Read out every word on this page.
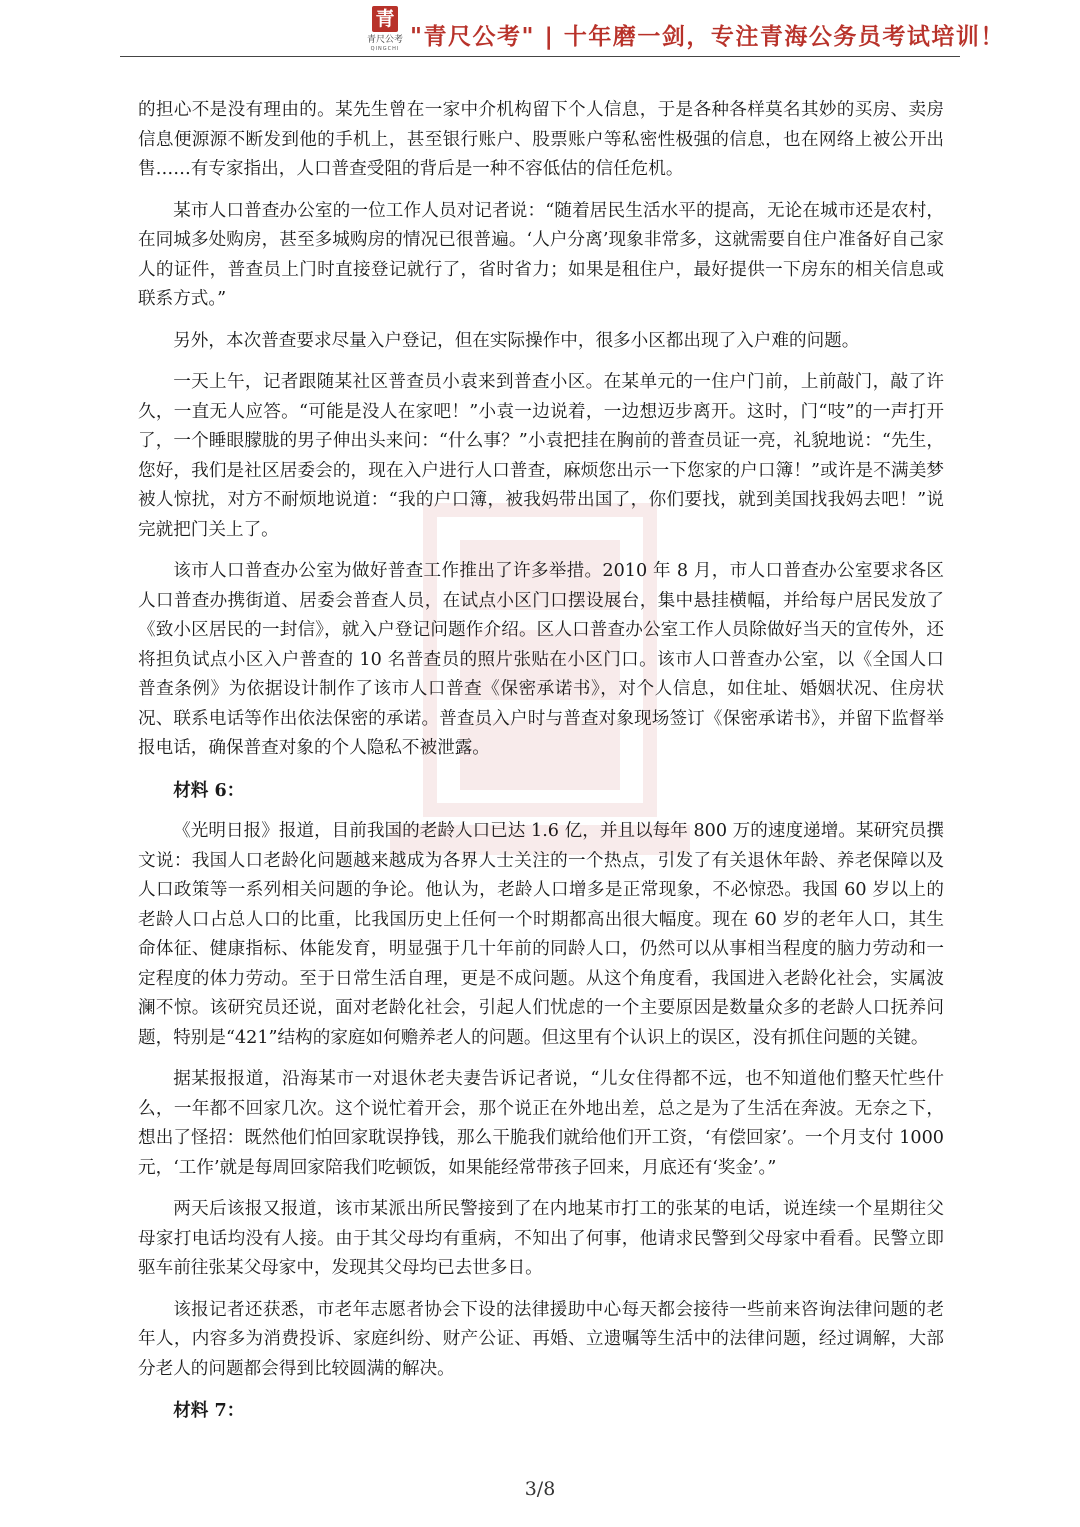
青
青尺公考
QINGCHI "青尺公考" | 十年磨一剑，专注青海公务员考试培训！

的担心不是没有理由的。某先生曾在一家中介机构留下个人信息，于是各种各样莫名其妙的买房、卖房信息便源源不断发到他的手机上，甚至银行账户、股票账户等私密性极强的信息，也在网络上被公开出售……有专家指出，人口普查受阻的背后是一种不容低估的信任危机。

某市人口普查办公室的一位工作人员对记者说：“随着居民生活水平的提高，无论在城市还是农村，在同城多处购房，甚至多城购房的情况已很普遍。‘人户分离’现象非常多，这就需要自住户准备好自己家人的证件，普查员上门时直接登记就行了，省时省力；如果是租住户，最好提供一下房东的相关信息或联系方式。”

另外，本次普查要求尽量入户登记，但在实际操作中，很多小区都出现了入户难的问题。

一天上午，记者跟随某社区普查员小袁来到普查小区。在某单元的一住户门前，上前敲门，敲了许久，一直无人应答。“可能是没人在家吧！”小袁一边说着，一边想迈步离开。这时，门“吱”的一声打开了，一个睡眼朦胧的男子伸出头来问：“什么事？”小袁把挂在胸前的普查员证一亮，礼貌地说：“先生，您好，我们是社区居委会的，现在入户进行人口普查，麻烦您出示一下您家的户口簿！”或许是不满美梦被人惊扰，对方不耐烦地说道：“我的户口簿，被我妈带出国了，你们要找，就到美国找我妈去吧！”说完就把门关上了。

该市人口普查办公室为做好普查工作推出了许多举措。2010 年 8 月，市人口普查办公室要求各区人口普查办携街道、居委会普查人员，在试点小区门口摆设展台，集中悬挂横幅，并给每户居民发放了《致小区居民的一封信》，就入户登记问题作介绍。区人口普查办公室工作人员除做好当天的宣传外，还将担负试点小区入户普查的 10 名普查员的照片张贴在小区门口。该市人口普查办公室，以《全国人口普查条例》为依据设计制作了该市人口普查《保密承诺书》，对个人信息，如住址、婚姻状况、住房状况、联系电话等作出依法保密的承诺。普查员入户时与普查对象现场签订《保密承诺书》，并留下监督举报电话，确保普查对象的个人隐私不被泄露。

材料 6：

《光明日报》报道，目前我国的老龄人口已达 1.6 亿，并且以每年 800 万的速度递增。某研究员撰文说：我国人口老龄化问题越来越成为各界人士关注的一个热点，引发了有关退休年龄、养老保障以及人口政策等一系列相关问题的争论。他认为，老龄人口增多是正常现象，不必惊恐。我国 60 岁以上的老龄人口占总人口的比重，比我国历史上任何一个时期都高出很大幅度。现在 60 岁的老年人口，其生命体征、健康指标、体能发育，明显强于几十年前的同龄人口，仍然可以从事相当程度的脑力劳动和一定程度的体力劳动。至于日常生活自理，更是不成问题。从这个角度看，我国进入老龄化社会，实属波澜不惊。该研究员还说，面对老龄化社会，引起人们忧虑的一个主要原因是数量众多的老龄人口抚养问题，特别是“421”结构的家庭如何赡养老人的问题。但这里有个认识上的误区，没有抓住问题的关键。

据某报报道，沿海某市一对退休老夫妻告诉记者说，“儿女住得都不远，也不知道他们整天忙些什么，一年都不回家几次。这个说忙着开会，那个说正在外地出差，总之是为了生活在奔波。无奈之下，想出了怪招：既然他们怕回家耽误挣钱，那么干脆我们就给他们开工资，‘有偿回家’。一个月支付 1000 元，‘工作’就是每周回家陪我们吃顿饭，如果能经常带孩子回来，月底还有‘奖金’。”

两天后该报又报道，该市某派出所民警接到了在内地某市打工的张某的电话，说连续一个星期往父母家打电话均没有人接。由于其父母均有重病，不知出了何事，他请求民警到父母家中看看。民警立即驱车前往张某父母家中，发现其父母均已去世多日。

该报记者还获悉，市老年志愿者协会下设的法律援助中心每天都会接待一些前来咨询法律问题的老年人，内容多为消费投诉、家庭纠纷、财产公证、再婚、立遗嘱等生活中的法律问题，经过调解，大部分老人的问题都会得到比较圆满的解决。

材料 7：

3/8
